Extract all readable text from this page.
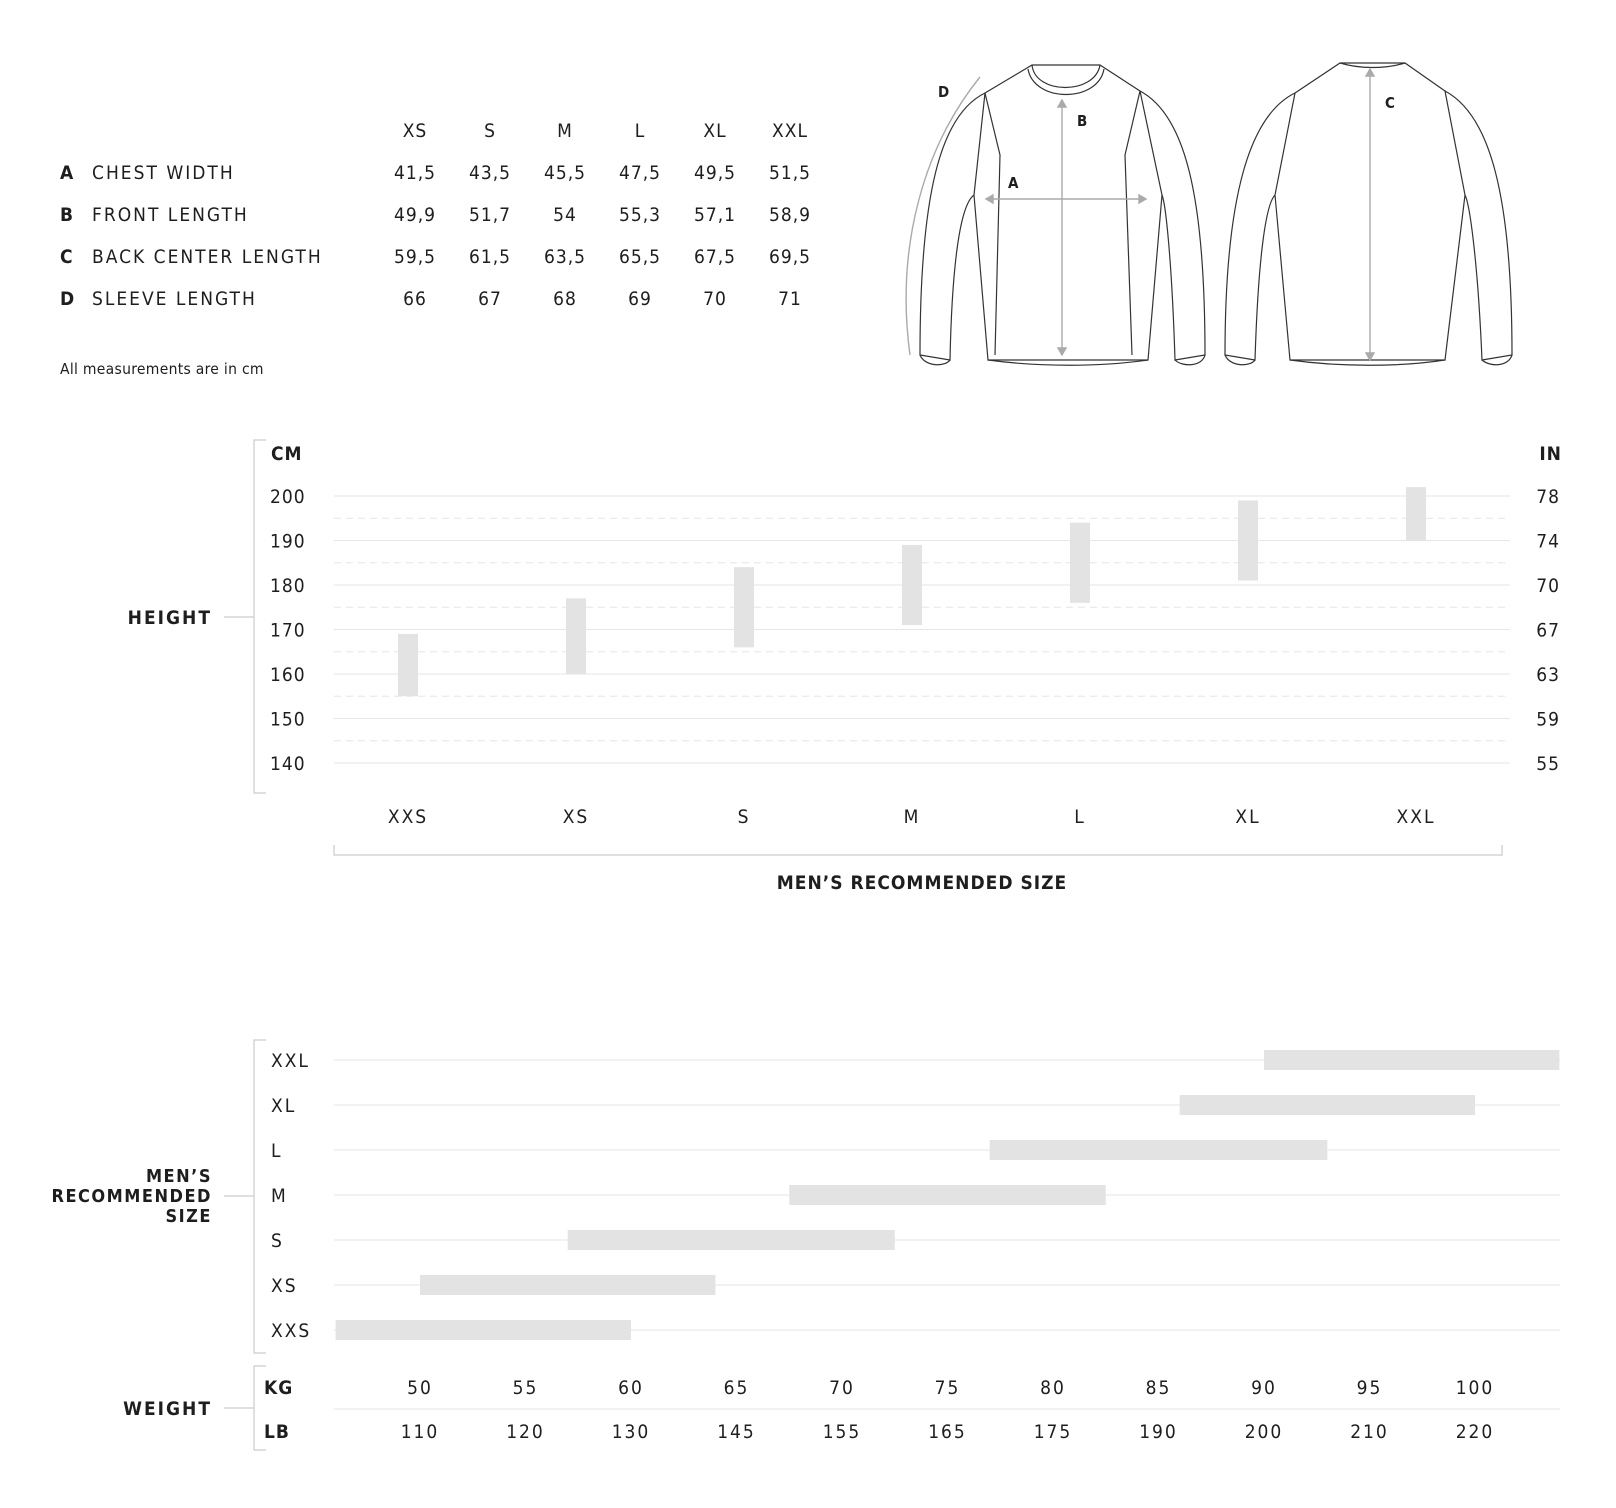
XS	S	M	L	XL	XXL
A CHEST WIDTH	41,5	43,5	45,5	47,5	49,5	51,5
B FRONT LENGTH	49,9	51,7	54	55,3	57,1	58,9
C BACK CENTER LENGTH	59,5	61,5	63,5	65,5	67,5	69,5
D SLEEVE LENGTH	66	67	68	69	70	71
All measurements are in cm
D
A
B
C
HEIGHT
CM	IN
200	78
190	74
180	70
170	67
160	63
150	59
140	55
XXS	XS	S	M	L	XL	XXL
MEN’S RECOMMENDED SIZE
MEN’S
RECOMMENDED
SIZE
XXL
XL
L
M
S
XS
XXS
WEIGHT
KG
LB
50
110
55
120
60
130
65
145
70
155
75
165
80
175
85
190
90
200
95
210
100
220
